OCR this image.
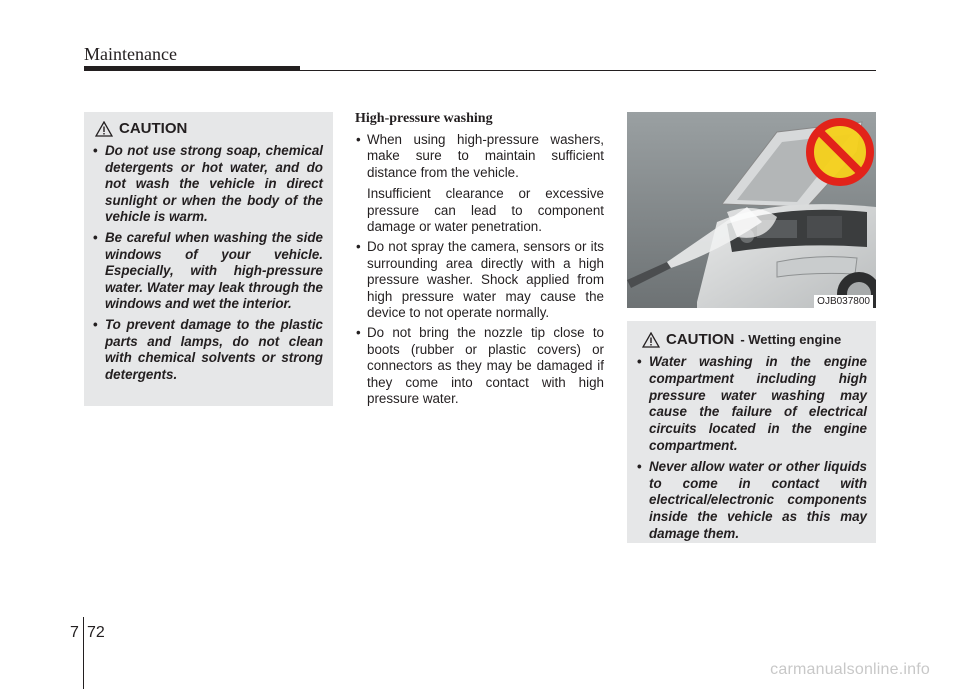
Maintenance
CAUTION
• Do not use strong soap, chemical detergents or hot water, and do not wash the vehicle in direct sunlight or when the body of the vehicle is warm.
• Be careful when washing the side windows of your vehicle. Especially, with high-pressure water. Water may leak through the windows and wet the interior.
• To prevent damage to the plastic parts and lamps, do not clean with chemical solvents or strong detergents.
High-pressure washing
• When using high-pressure washers, make sure to maintain sufficient distance from the vehicle.
Insufficient clearance or excessive pressure can lead to component damage or water penetration.
• Do not spray the camera, sensors or its surrounding area directly with a high pressure washer. Shock applied from high pressure water may cause the device to not operate normally.
• Do not bring the nozzle tip close to boots (rubber or plastic covers) or connectors as they may be damaged if they come into contact with high pressure water.
OJB037800
CAUTION - Wetting engine
• Water washing in the engine compartment including high pressure water washing may cause the failure of electrical circuits located in the engine compartment.
• Never allow water or other liquids to come in contact with electrical/electronic components inside the vehicle as this may damage them.
7 72
carmanualsonline.info
